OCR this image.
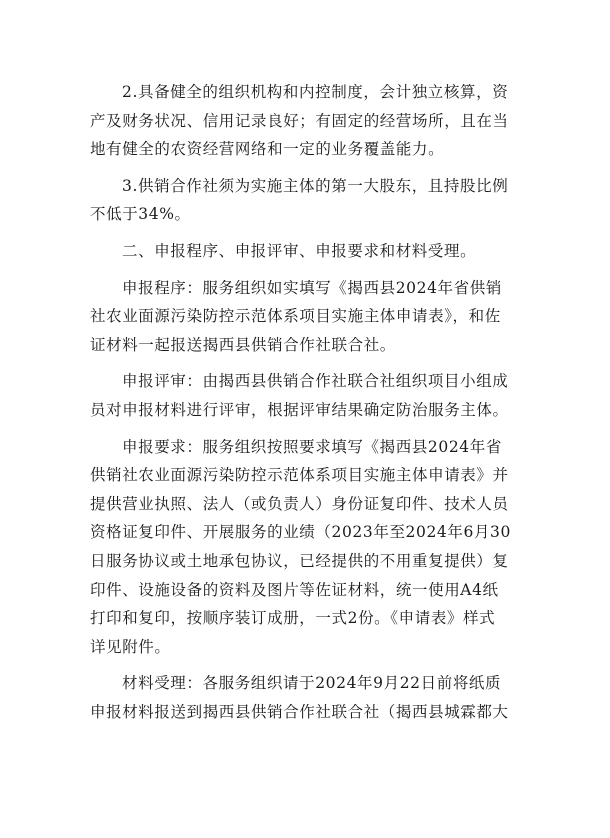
2.具备健全的组织机构和内控制度，会计独立核算，资
产及财务状况、信用记录良好；有固定的经营场所，且在当
地有健全的农资经营网络和一定的业务覆盖能力。

3.供销合作社须为实施主体的第一大股东，且持股比例
不低于34%。

二、申报程序、申报评审、申报要求和材料受理。

申报程序：服务组织如实填写《揭西县2024年省供销
社农业面源污染防控示范体系项目实施主体申请表》，和佐
证材料一起报送揭西县供销合作社联合社。

申报评审：由揭西县供销合作社联合社组织项目小组成
员对申报材料进行评审，根据评审结果确定防治服务主体。

申报要求：服务组织按照要求填写《揭西县2024年省
供销社农业面源污染防控示范体系项目实施主体申请表》并
提供营业执照、法人（或负责人）身份证复印件、技术人员
资格证复印件、开展服务的业绩（2023年至2024年6月30
日服务协议或土地承包协议，已经提供的不用重复提供）复
印件、设施设备的资料及图片等佐证材料，统一使用A4纸
打印和复印，按顺序装订成册，一式2份。《申请表》样式
详见附件。

材料受理：各服务组织请于2024年9月22日前将纸质
申报材料报送到揭西县供销合作社联合社（揭西县城霖都大
